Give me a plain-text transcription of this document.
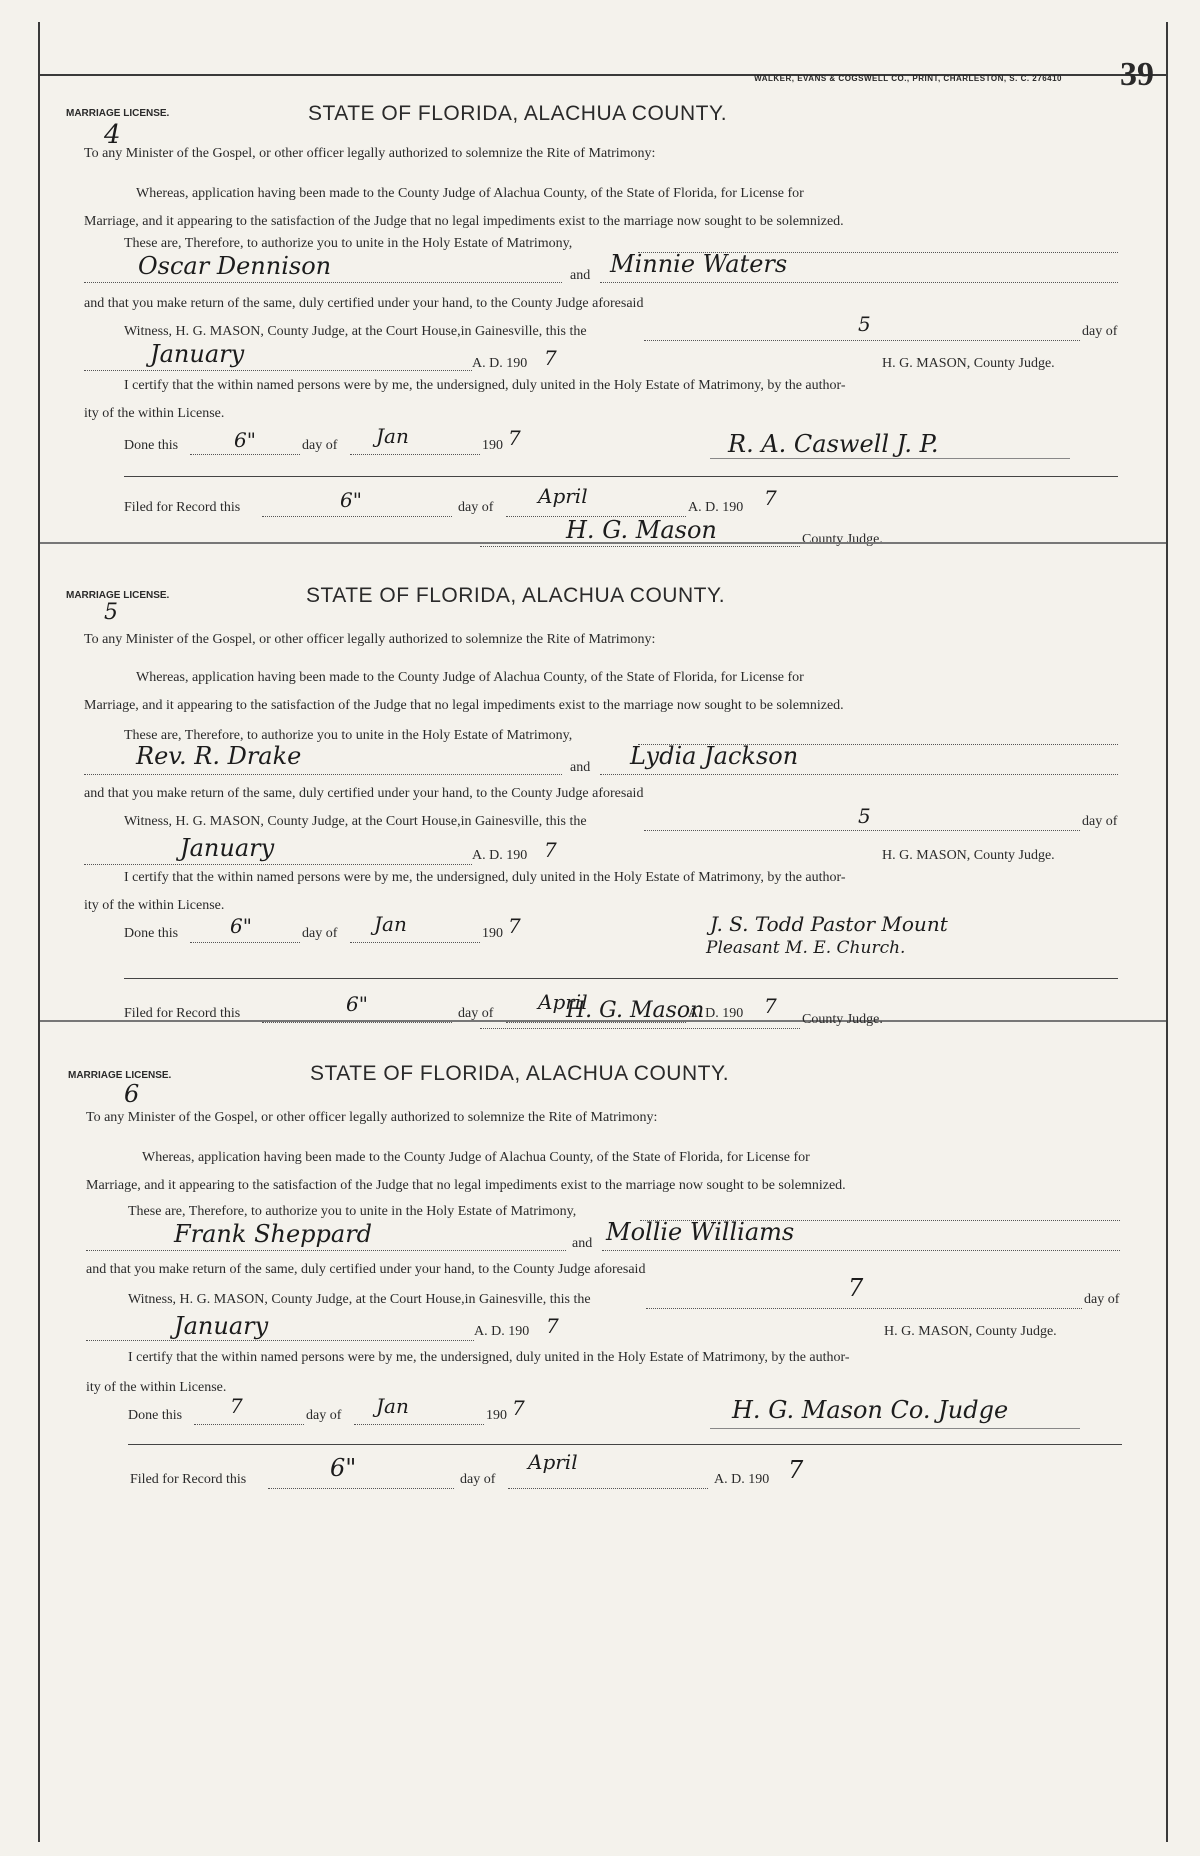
WALKER, EVANS & COGSWELL CO., PRINT, CHARLESTON, S. C. 276410 39
MARRIAGE LICENSE.	STATE OF FLORIDA, ALACHUA COUNTY.
4
To any Minister of the Gospel, or other officer legally authorized to solemnize the Rite of Matrimony:
Whereas, application having been made to the County Judge of Alachua County, of the State of Florida, for License for
Marriage, and it appearing to the satisfaction of the Judge that no legal impediments exist to the marriage now sought to be solemnized.
These are, Therefore, to authorize you to unite in the Holy Estate of Matrimony,
Oscar Dennison	and Minnie Waters
and that you make return of the same, duly certified under your hand, to the County Judge aforesaid
Witness, H. G. MASON, County Judge, at the Court House,in Gainesville, this the	5	day of
January	A. D. 190 7	H. G. MASON, County Judge.
I certify that the within named persons were by me, the undersigned, duly united in the Holy Estate of Matrimony, by the author-
ity of the within License.
Done this	6"	day of Jan	190 7	R. A. Caswell J. P.
Filed for Record this	6"	day of April	A. D. 190 7
H. G. Mason	County Judge.
MARRIAGE LICENSE.	STATE OF FLORIDA, ALACHUA COUNTY.
5
To any Minister of the Gospel, or other officer legally authorized to solemnize the Rite of Matrimony:
Whereas, application having been made to the County Judge of Alachua County, of the State of Florida, for License for
Marriage, and it appearing to the satisfaction of the Judge that no legal impediments exist to the marriage now sought to be solemnized.
These are, Therefore, to authorize you to unite in the Holy Estate of Matrimony,
Rev. R. Drake	and Lydia Jackson
and that you make return of the same, duly certified under your hand, to the County Judge aforesaid
Witness, H. G. MASON, County Judge, at the Court House,in Gainesville, this the	5	day of
January	A. D. 190 7	H. G. MASON, County Judge.
I certify that the within named persons were by me, the undersigned, duly united in the Holy Estate of Matrimony, by the author-
ity of the within License.
Done this	6"	day of Jan	190 7	J. S. Todd Pastor Mount
Pleasant M. E. Church.
Filed for Record this	6"	day of April	A. D. 190 7
H. G. Mason	County Judge.
MARRIAGE LICENSE.	STATE OF FLORIDA, ALACHUA COUNTY.
6
To any Minister of the Gospel, or other officer legally authorized to solemnize the Rite of Matrimony:
Whereas, application having been made to the County Judge of Alachua County, of the State of Florida, for License for
Marriage, and it appearing to the satisfaction of the Judge that no legal impediments exist to the marriage now sought to be solemnized.
These are, Therefore, to authorize you to unite in the Holy Estate of Matrimony,
Frank Sheppard	and Mollie Williams
and that you make return of the same, duly certified under your hand, to the County Judge aforesaid
Witness, H. G. MASON, County Judge, at the Court House,in Gainesville, this the	7	day of
January	A. D. 190 7	H. G. MASON, County Judge.
I certify that the within named persons were by me, the undersigned, duly united in the Holy Estate of Matrimony, by the author-
ity of the within License.
Done this 7	day of Jan	190 7	H. G. Mason Co. Judge
Filed for Record this	6"	day of
April
A. D. 190 7
